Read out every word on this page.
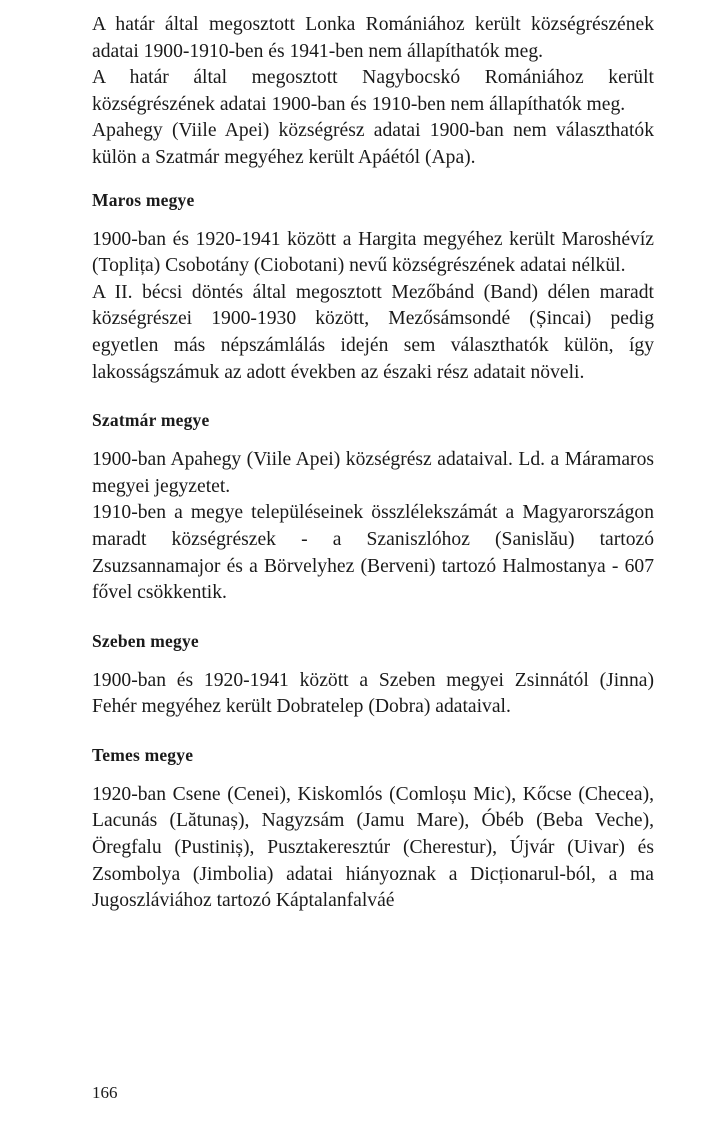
A határ által megosztott Lonka Romániához került községrészének adatai 1900-1910-ben és 1941-ben nem állapíthatók meg.

A határ által megosztott Nagybocskó Romániához került községrészének adatai 1900-ban és 1910-ben nem állapíthatók meg.

Apahegy (Viile Apei) községrész adatai 1900-ban nem választhatók külön a Szatmár megyéhez került Apáétól (Apa).

Maros megye

1900-ban és 1920-1941 között a Hargita megyéhez került Maroshévíz (Toplița) Csobotány (Ciobotani) nevű községrészének adatai nélkül.

A II. bécsi döntés által megosztott Mezőbánd (Band) délen maradt községrészei 1900-1930 között, Mezősámsondé (Șincai) pedig egyetlen más népszámlálás idején sem választhatók külön, így lakosságszámuk az adott években az északi rész adatait növeli.

Szatmár megye

1900-ban Apahegy (Viile Apei) községrész adataival. Ld. a Máramaros megyei jegyzetet.

1910-ben a megye településeinek összlélekszámát a Magyarországon maradt községrészek - a Szaniszlóhoz (Sanislău) tartozó Zsuzsannamajor és a Börvelyhez (Berveni) tartozó Halmostanya - 607 fővel csökkentik.

Szeben megye

1900-ban és 1920-1941 között a Szeben megyei Zsinnától (Jinna) Fehér megyéhez került Dobratelep (Dobra) adataival.

Temes megye

1920-ban Csene (Cenei), Kiskomlós (Comloșu Mic), Kőcse (Checea), Lacunás (Lătunaș), Nagyzsám (Jamu Mare), Óbéb (Beba Veche), Öregfalu (Pustiniș), Pusztakeresztúr (Cherestur), Újvár (Uivar) és Zsombolya (Jimbolia) adatai hiányoznak a Dicționarul-ból, a ma Jugoszláviához tartozó Káptalanfalváé

166
